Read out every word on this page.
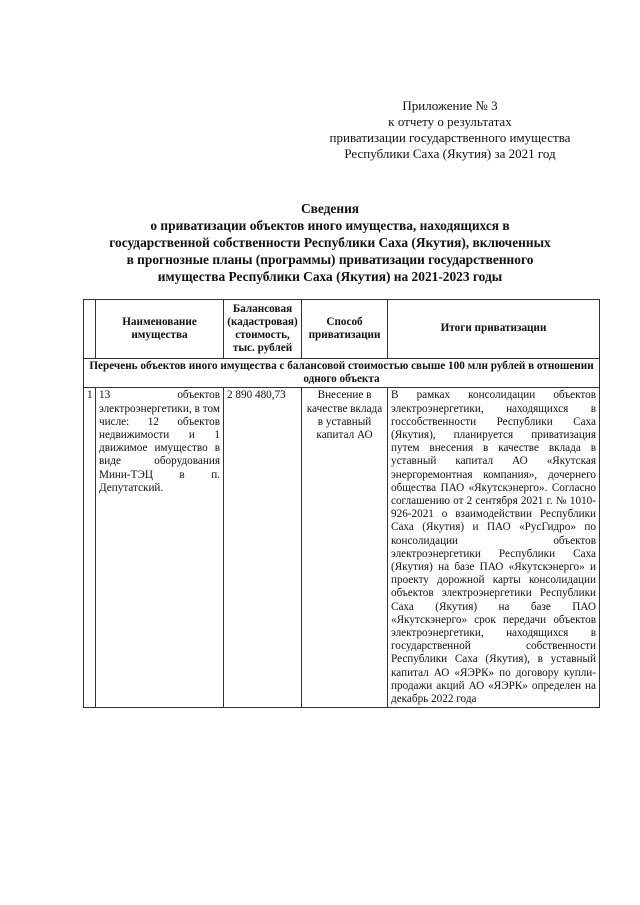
Приложение № 3
к отчету о результатах
приватизации государственного имущества
Республики Саха (Якутия) за 2021 год
Сведения
о приватизации объектов иного имущества, находящихся в
государственной собственности Республики Саха (Якутия), включенных
в прогнозные планы (программы) приватизации государственного
имущества Республики Саха (Якутия) на 2021-2023 годы
	Наименование имущества	Балансовая (кадастровая) стоимость, тыс. рублей	Способ приватизации	Итоги приватизации
Перечень объектов иного имущества с балансовой стоимостью свыше 100 млн рублей в отношении одного объекта				
1	13 объектов электроэнергетики, в том числе: 12 объектов недвижимости и 1 движимое имущество в виде оборудования Мини-ТЭЦ в п. Депутатский.	2 890 480,73	Внесение в качестве вклада в уставный капитал АО	В рамках консолидации объектов электроэнергетики, находящихся в госсобственности Республики Саха (Якутия), планируется приватизация путем внесения в качестве вклада в уставный капитал АО «Якутская энергоремонтная компания», дочернего общества ПАО «Якутскэнерго». Согласно соглашению от 2 сентября 2021 г. № 1010-926-2021 о взаимодействии Республики Саха (Якутия) и ПАО «РусГидро» по консолидации объектов электроэнергетики Республики Саха (Якутия) на базе ПАО «Якутскэнерго» и проекту дорожной карты консолидации объектов электроэнергетики Республики Саха (Якутия) на базе ПАО «Якутскэнерго» срок передачи объектов электроэнергетики, находящихся в государственной собственности Республики Саха (Якутия), в уставный капитал АО «ЯЭРК» по договору купли-продажи акций АО «ЯЭРК» определен на декабрь 2022 года
